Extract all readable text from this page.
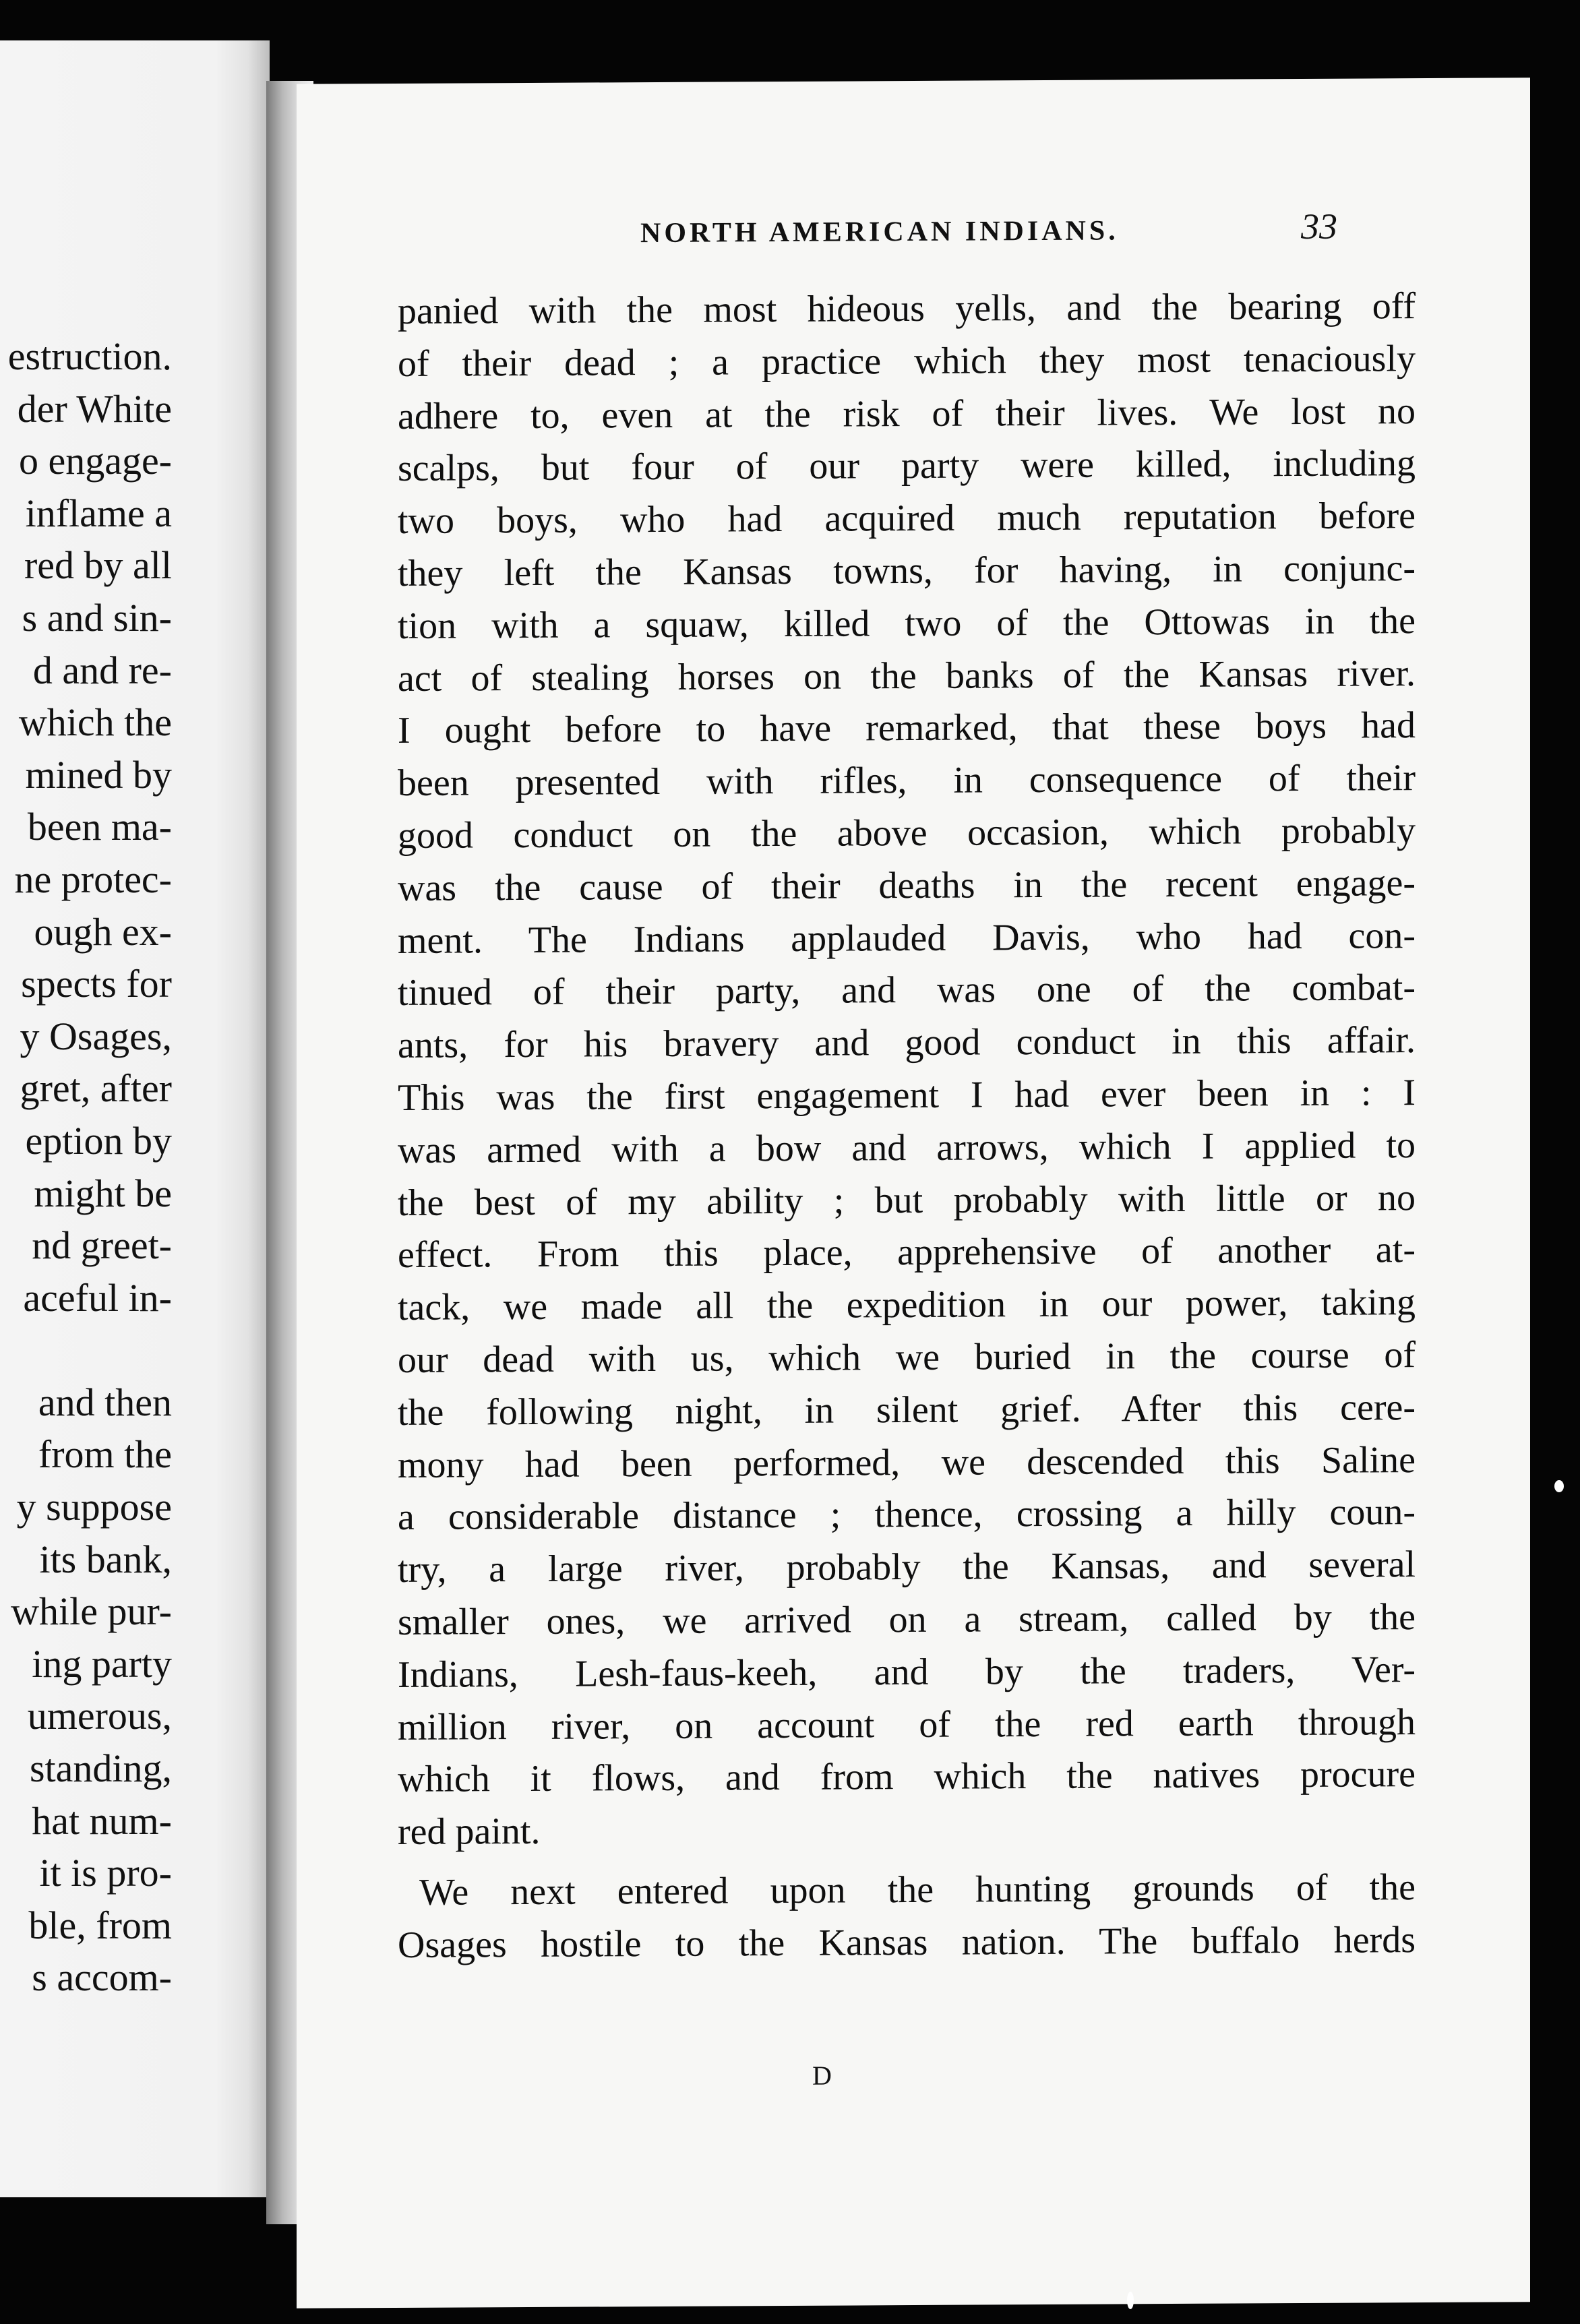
estruction.
der White
o engage-
inflame a
red by all
s and sin-
d and re-
which the
mined by
been ma-
ne protec-
ough ex-
spects for
y Osages,
gret, after
eption by
might be
nd greet-
aceful in-
and then
from the
y suppose
its bank,
while pur-
ing party
umerous,
standing,
hat num-
it is pro-
ble, from
s accom-
NORTH AMERICAN INDIANS.	33
panied with the most hideous yells, and the bearing off
of their dead ; a practice which they most tenaciously
adhere to, even at the risk of their lives. We lost no
scalps, but four of our party were killed, including
two boys, who had acquired much reputation before
they left the Kansas towns, for having, in conjunc-
tion with a squaw, killed two of the Ottowas in the
act of stealing horses on the banks of the Kansas river.
I ought before to have remarked, that these boys had
been presented with rifles, in consequence of their
good conduct on the above occasion, which probably
was the cause of their deaths in the recent engage-
ment. The Indians applauded Davis, who had con-
tinued of their party, and was one of the combat-
ants, for his bravery and good conduct in this affair.
This was the first engagement I had ever been in : I
was armed with a bow and arrows, which I applied to
the best of my ability ; but probably with little or no
effect. From this place, apprehensive of another at-
tack, we made all the expedition in our power, taking
our dead with us, which we buried in the course of
the following night, in silent grief. After this cere-
mony had been performed, we descended this Saline
a considerable distance ; thence, crossing a hilly coun-
try, a large river, probably the Kansas, and several
smaller ones, we arrived on a stream, called by the
Indians, Lesh-faus-keeh, and by the traders, Ver-
million river, on account of the red earth through
which it flows, and from which the natives procure
red paint.
We next entered upon the hunting grounds of the
Osages hostile to the Kansas nation. The buffalo herds
D
